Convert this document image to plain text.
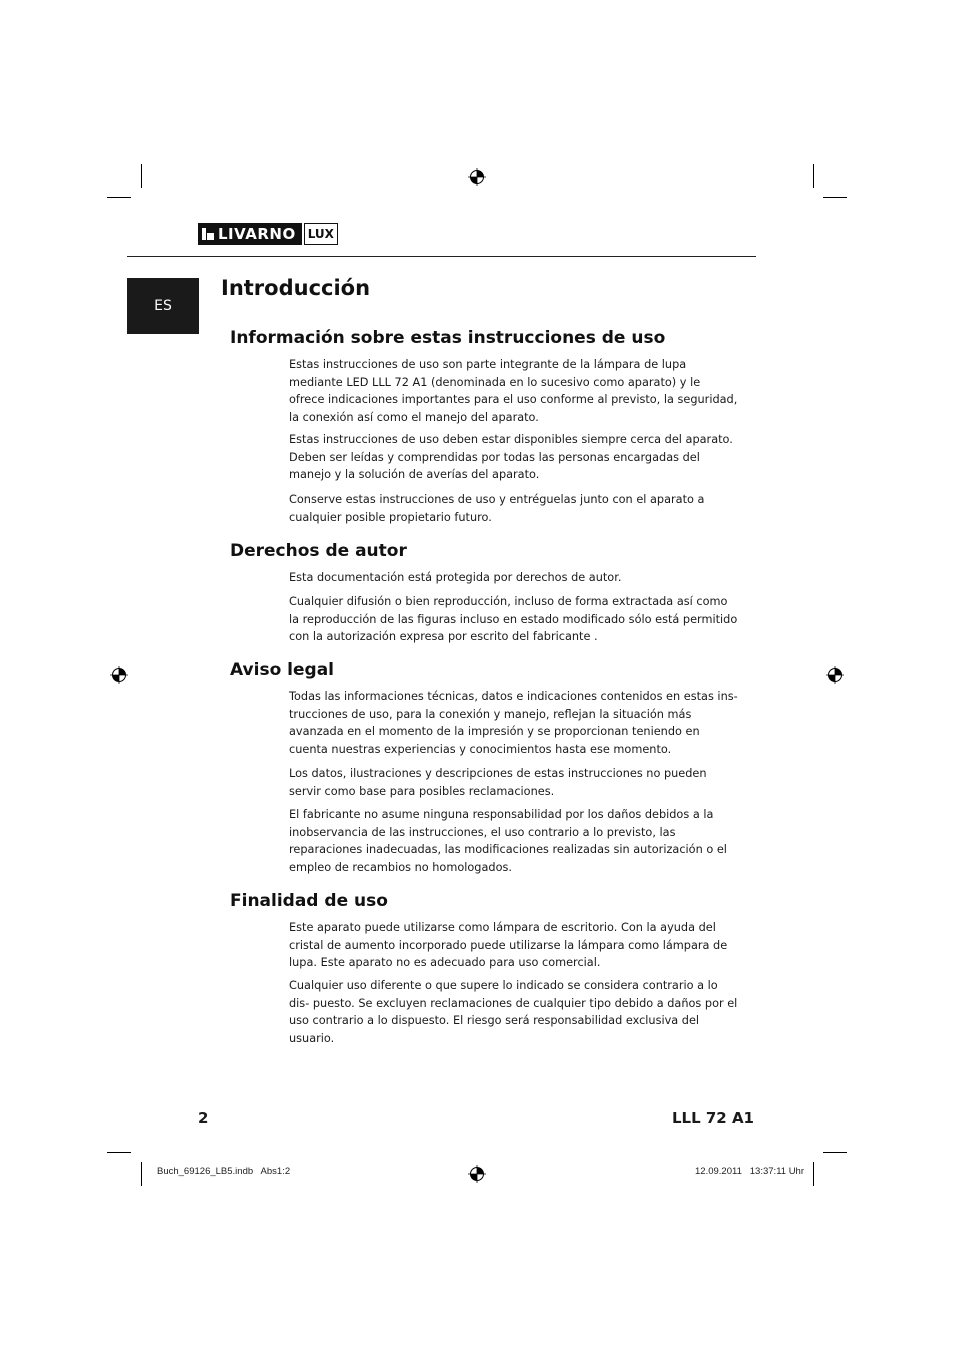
LIVARNO	LUX
ES
Introducción
Información sobre estas instrucciones de uso

Estas instrucciones de uso son parte integrante de la lámpara de lupa mediante LED LLL 72 A1 (denominada en lo sucesivo como aparato) y le ofrece indicaciones importantes para el uso conforme al previsto, la seguridad, la conexión así como el manejo del aparato.

Estas instrucciones de uso deben estar disponibles siempre cerca del aparato. Deben ser leídas y comprendidas por todas las personas encargadas del manejo y la solución de averías del aparato.

Conserve estas instrucciones de uso y entréguelas junto con el aparato a cualquier posible propietario futuro.

Derechos de autor

Esta documentación está protegida por derechos de autor.

Cualquier difusión o bien reproducción, incluso de forma extractada así como la reproducción de las figuras incluso en estado modificado sólo está permitido con la autorización expresa por escrito del fabricante .

Aviso legal

Todas las informaciones técnicas, datos e indicaciones contenidos en estas ins- trucciones de uso, para la conexión y manejo, reflejan la situación más avanzada en el momento de la impresión y se proporcionan teniendo en cuenta nuestras experiencias y conocimientos hasta ese momento.

Los datos, ilustraciones y descripciones de estas instrucciones no pueden servir como base para posibles reclamaciones.

El fabricante no asume ninguna responsabilidad por los daños debidos a la inobservancia de las instrucciones, el uso contrario a lo previsto, las reparaciones inadecuadas, las modificaciones realizadas sin autorización o el empleo de recambios no homologados.

Finalidad de uso

Este aparato puede utilizarse como lámpara de escritorio. Con la ayuda del cristal de aumento incorporado puede utilizarse la lámpara como lámpara de lupa. Este aparato no es adecuado para uso comercial.

Cualquier uso diferente o que supere lo indicado se considera contrario a lo dis- puesto. Se excluyen reclamaciones de cualquier tipo debido a daños por el uso contrario a lo dispuesto. El riesgo será responsabilidad exclusiva del usuario.

2	LLL 72 A1
Buch_69126_LB5.indb   Abs1:2	12.09.2011   13:37:11 Uhr
